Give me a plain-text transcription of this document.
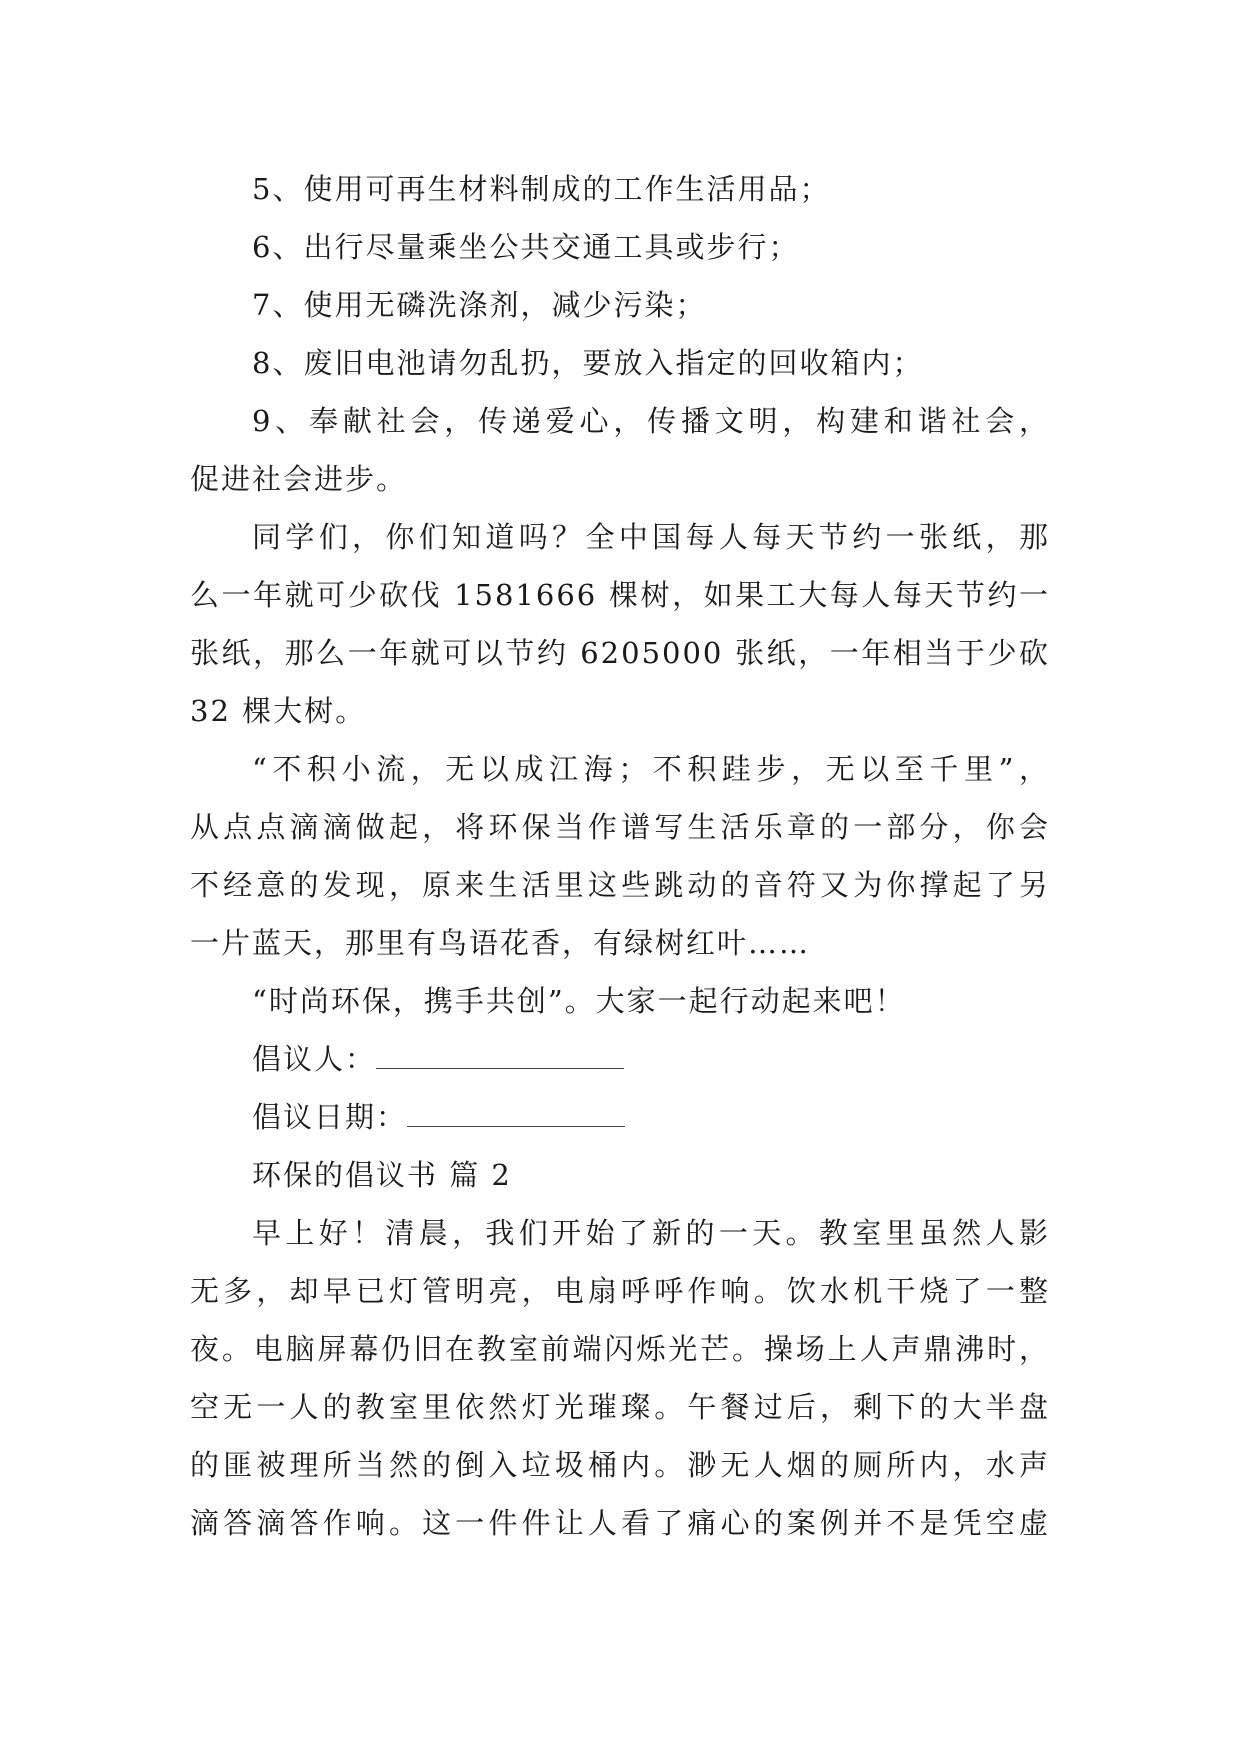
5、使用可再生材料制成的工作生活用品；
6、出行尽量乘坐公共交通工具或步行；
7、使用无磷洗涤剂，减少污染；
8、废旧电池请勿乱扔，要放入指定的回收箱内；
9、奉献社会，传递爱心，传播文明，构建和谐社会，
促进社会进步。
同学们，你们知道吗？全中国每人每天节约一张纸，那
么一年就可少砍伐 1581666 棵树，如果工大每人每天节约一
张纸，那么一年就可以节约 6205000 张纸，一年相当于少砍
32 棵大树。
“不积小流，无以成江海；不积跬步，无以至千里”，
从点点滴滴做起，将环保当作谱写生活乐章的一部分，你会
不经意的发现，原来生活里这些跳动的音符又为你撑起了另
一片蓝天，那里有鸟语花香，有绿树红叶……
“时尚环保，携手共创”。大家一起行动起来吧！
倡议人：
倡议日期：
环保的倡议书 篇 2
早上好！清晨，我们开始了新的一天。教室里虽然人影
无多，却早已灯管明亮，电扇呼呼作响。饮水机干烧了一整
夜。电脑屏幕仍旧在教室前端闪烁光芒。操场上人声鼎沸时，
空无一人的教室里依然灯光璀璨。午餐过后，剩下的大半盘
的匪被理所当然的倒入垃圾桶内。渺无人烟的厕所内，水声
滴答滴答作响。这一件件让人看了痛心的案例并不是凭空虚
